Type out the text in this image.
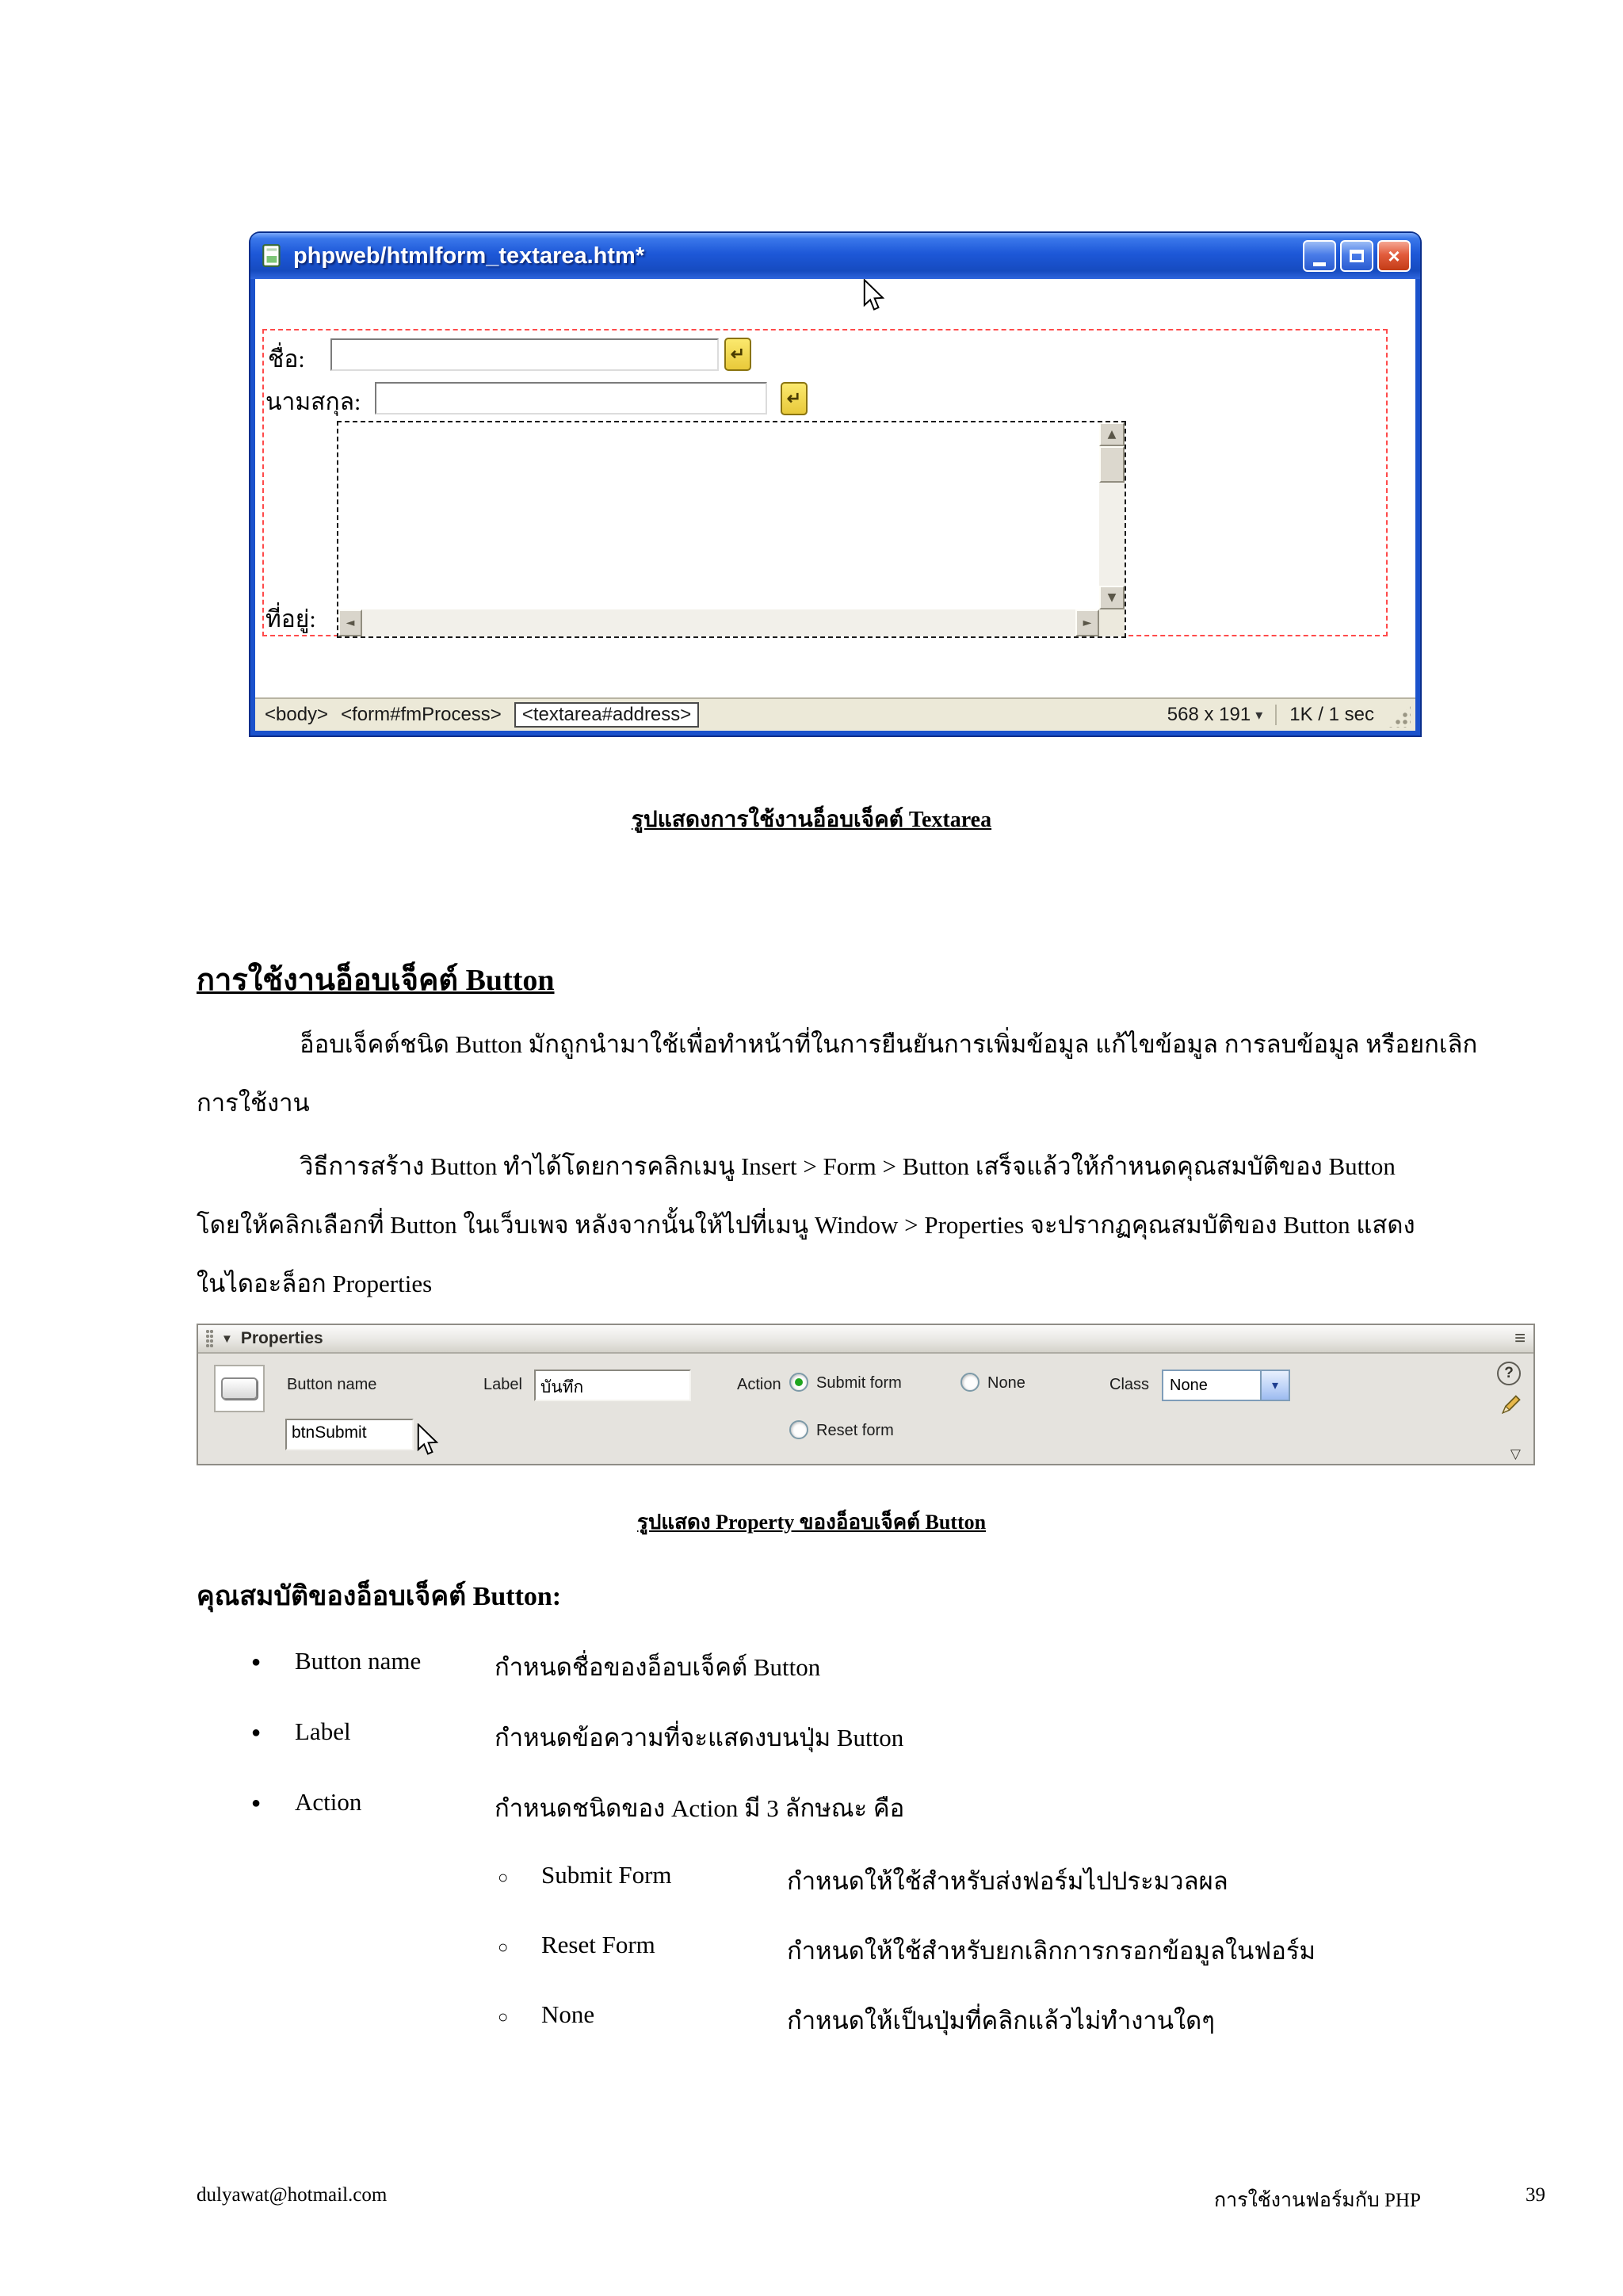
phpweb/htmlform_textarea.htm*	×
ชื่อ:	↵
นามสกุล:	↵
▲
▼
◄	►
ที่อยู่:
<body> <form#fmProcess>	<textarea#address>	568 x 191 ▾ 1K / 1 sec
รูปแสดงการใช้งานอ็อบเจ็คต์ Textarea
การใช้งานอ็อบเจ็คต์ Button
อ็อบเจ็คต์ชนิด Button มักถูกนำมาใช้เพื่อทำหน้าที่ในการยืนยันการเพิ่มข้อมูล แก้ไขข้อมูล การลบข้อมูล หรือยกเลิก
การใช้งาน
วิธีการสร้าง Button ทำได้โดยการคลิกเมนู Insert > Form > Button เสร็จแล้วให้กำหนดคุณสมบัติของ Button
โดยให้คลิกเลือกที่ Button ในเว็บเพจ หลังจากนั้นให้ไปที่เมนู Window > Properties จะปรากฏคุณสมบัติของ Button แสดง
ในไดอะล็อก Properties
▼ Properties	≡
Button name
btnSubmit
Label	บันทึก	Action Submit form	None
Reset form
Class	None	▾
?
▽
รูปแสดง Property ของอ็อบเจ็คต์ Button
คุณสมบัติของอ็อบเจ็คต์ Button:
● Button name	กำหนดชื่อของอ็อบเจ็คต์ Button
● Label	กำหนดข้อความที่จะแสดงบนปุ่ม Button
● Action	กำหนดชนิดของ Action มี 3 ลักษณะ คือ
○ Submit Form	กำหนดให้ใช้สำหรับส่งฟอร์มไปประมวลผล
○ Reset Form	กำหนดให้ใช้สำหรับยกเลิกการกรอกข้อมูลในฟอร์ม
○ None	กำหนดให้เป็นปุ่มที่คลิกแล้วไม่ทำงานใดๆ
dulyawat@hotmail.com	การใช้งานฟอร์มกับ PHP	39
